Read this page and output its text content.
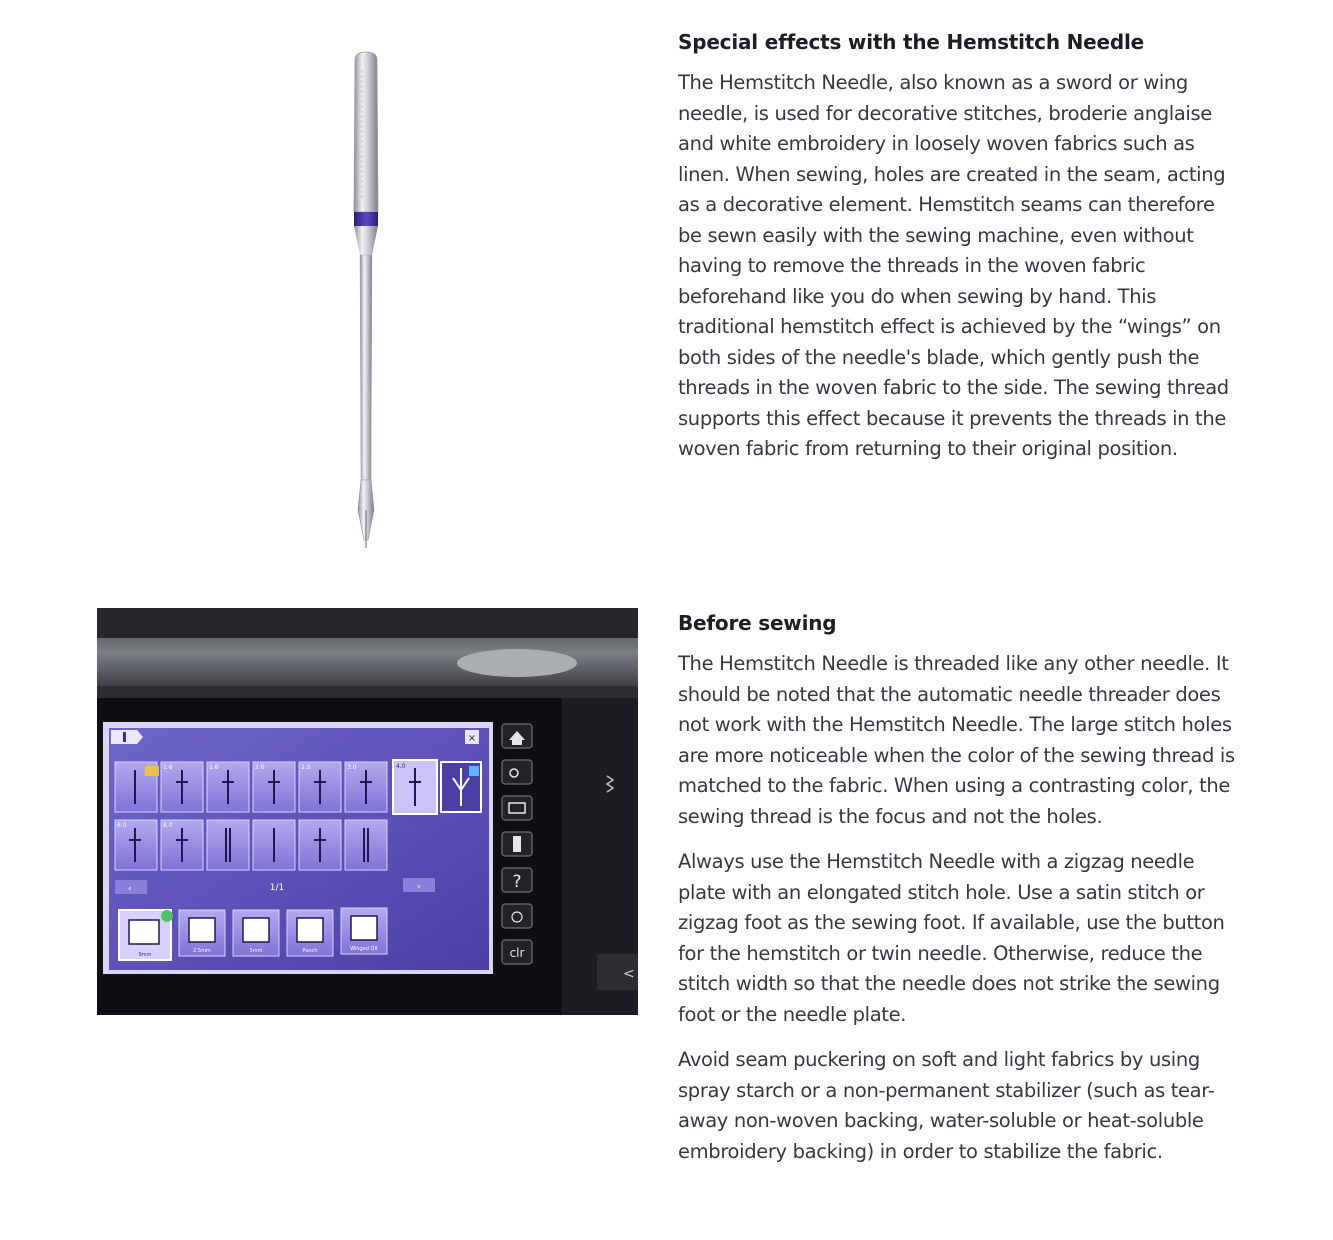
Special effects with the Hemstitch Needle

The Hemstitch Needle, also known as a sword or wing needle, is used for decorative stitches, broderie anglaise and white embroidery in loosely woven fabrics such as linen. When sewing, holes are created in the seam, acting as a decorative element. Hemstitch seams can therefore be sewn easily with the sewing machine, even without having to remove the threads in the woven fabric beforehand like you do when sewing by hand. This traditional hemstitch effect is achieved by the “wings” on both sides of the needle's blade, which gently push the threads in the woven fabric to the side. The sewing thread supports this effect because it prevents the threads in the woven fabric from returning to their original position.

×
1.6	1.6	2.0	2.5	3.0	4.0
6.0	8.0
‹	1/1	›
9mm
2.5mm	5mm	Punch	Winged Qlt
?
clr
<
Before sewing

The Hemstitch Needle is threaded like any other needle. It should be noted that the automatic needle threader does not work with the Hemstitch Needle. The large stitch holes are more noticeable when the color of the sewing thread is matched to the fabric. When using a contrasting color, the sewing thread is the focus and not the holes.

Always use the Hemstitch Needle with a zigzag needle plate with an elongated stitch hole. Use a satin stitch or zigzag foot as the sewing foot. If available, use the button for the hemstitch or twin needle. Otherwise, reduce the stitch width so that the needle does not strike the sewing foot or the needle plate.

Avoid seam puckering on soft and light fabrics by using spray starch or a non-permanent stabilizer (such as tear-away non-woven backing, water-soluble or heat-soluble embroidery backing) in order to stabilize the fabric.
